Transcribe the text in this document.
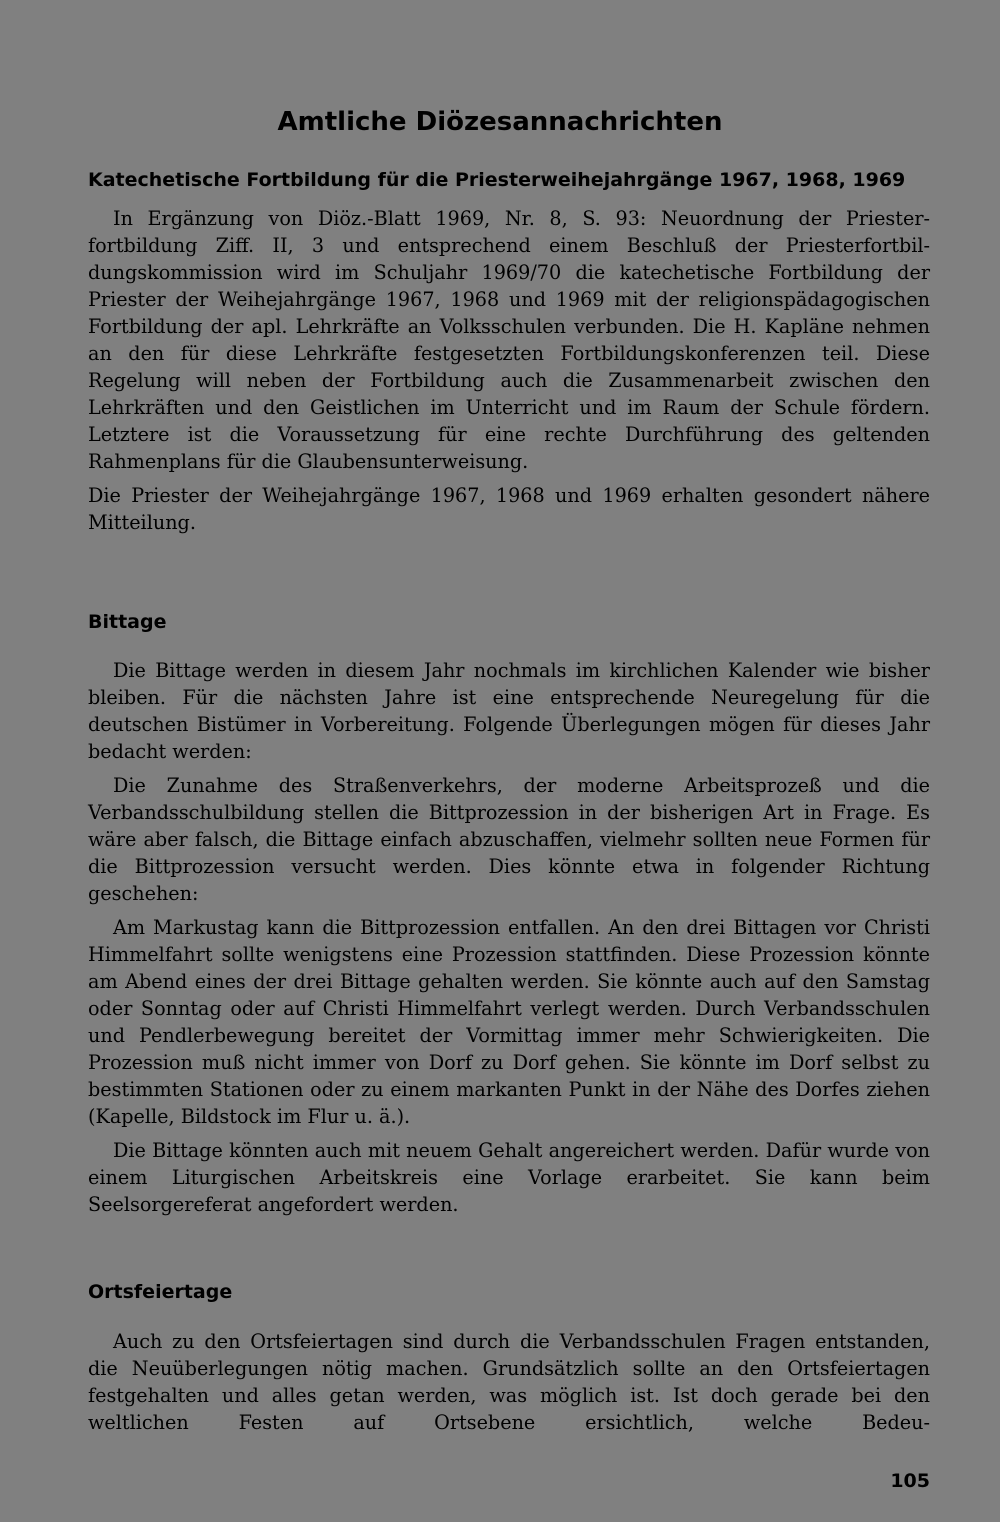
Amtliche Diözesannachrichten
Katechetische Fortbildung für die Priesterweihejahrgänge 1967, 1968, 1969

In Ergänzung von Diöz.-Blatt 1969, Nr. 8, S. 93: Neuordnung der Priesterfortbildung Ziff. II, 3 und entsprechend einem Beschluß der Priesterfortbildungskommission wird im Schuljahr 1969/70 die katechetische Fortbildung der Priester der Weihejahrgänge 1967, 1968 und 1969 mit der religionspädagogischen Fortbildung der apl. Lehrkräfte an Volksschulen verbunden. Die H. Kapläne nehmen an den für diese Lehrkräfte festgesetzten Fortbildungskonferenzen teil. Diese Regelung will neben der Fortbildung auch die Zusammenarbeit zwischen den Lehrkräften und den Geistlichen im Unterricht und im Raum der Schule fördern. Letztere ist die Voraussetzung für eine rechte Durchführung des geltenden Rahmenplans für die Glaubensunterweisung.

Die Priester der Weihejahrgänge 1967, 1968 und 1969 erhalten gesondert nähere Mitteilung.

Bittage

Die Bittage werden in diesem Jahr nochmals im kirchlichen Kalender wie bisher bleiben. Für die nächsten Jahre ist eine entsprechende Neuregelung für die deutschen Bistümer in Vorbereitung. Folgende Überlegungen mögen für dieses Jahr bedacht werden:

Die Zunahme des Straßenverkehrs, der moderne Arbeitsprozeß und die Verbandsschulbildung stellen die Bittprozession in der bisherigen Art in Frage. Es wäre aber falsch, die Bittage einfach abzuschaffen, vielmehr sollten neue Formen für die Bittprozession versucht werden. Dies könnte etwa in folgender Richtung geschehen:

Am Markustag kann die Bittprozession entfallen. An den drei Bittagen vor Christi Himmelfahrt sollte wenigstens eine Prozession stattfinden. Diese Prozession könnte am Abend eines der drei Bittage gehalten werden. Sie könnte auch auf den Samstag oder Sonntag oder auf Christi Himmelfahrt verlegt werden. Durch Verbandsschulen und Pendlerbewegung bereitet der Vormittag immer mehr Schwierigkeiten. Die Prozession muß nicht immer von Dorf zu Dorf gehen. Sie könnte im Dorf selbst zu bestimmten Stationen oder zu einem markanten Punkt in der Nähe des Dorfes ziehen (Kapelle, Bildstock im Flur u. ä.).

Die Bittage könnten auch mit neuem Gehalt angereichert werden. Dafür wurde von einem Liturgischen Arbeitskreis eine Vorlage erarbeitet. Sie kann beim Seelsorgereferat angefordert werden.

Ortsfeiertage

Auch zu den Ortsfeiertagen sind durch die Verbandsschulen Fragen entstanden, die Neuüberlegungen nötig machen. Grundsätzlich sollte an den Ortsfeiertagen festgehalten und alles getan werden, was möglich ist. Ist doch gerade bei den weltlichen Festen auf Ortsebene ersichtlich, welche Bedeu-

105
